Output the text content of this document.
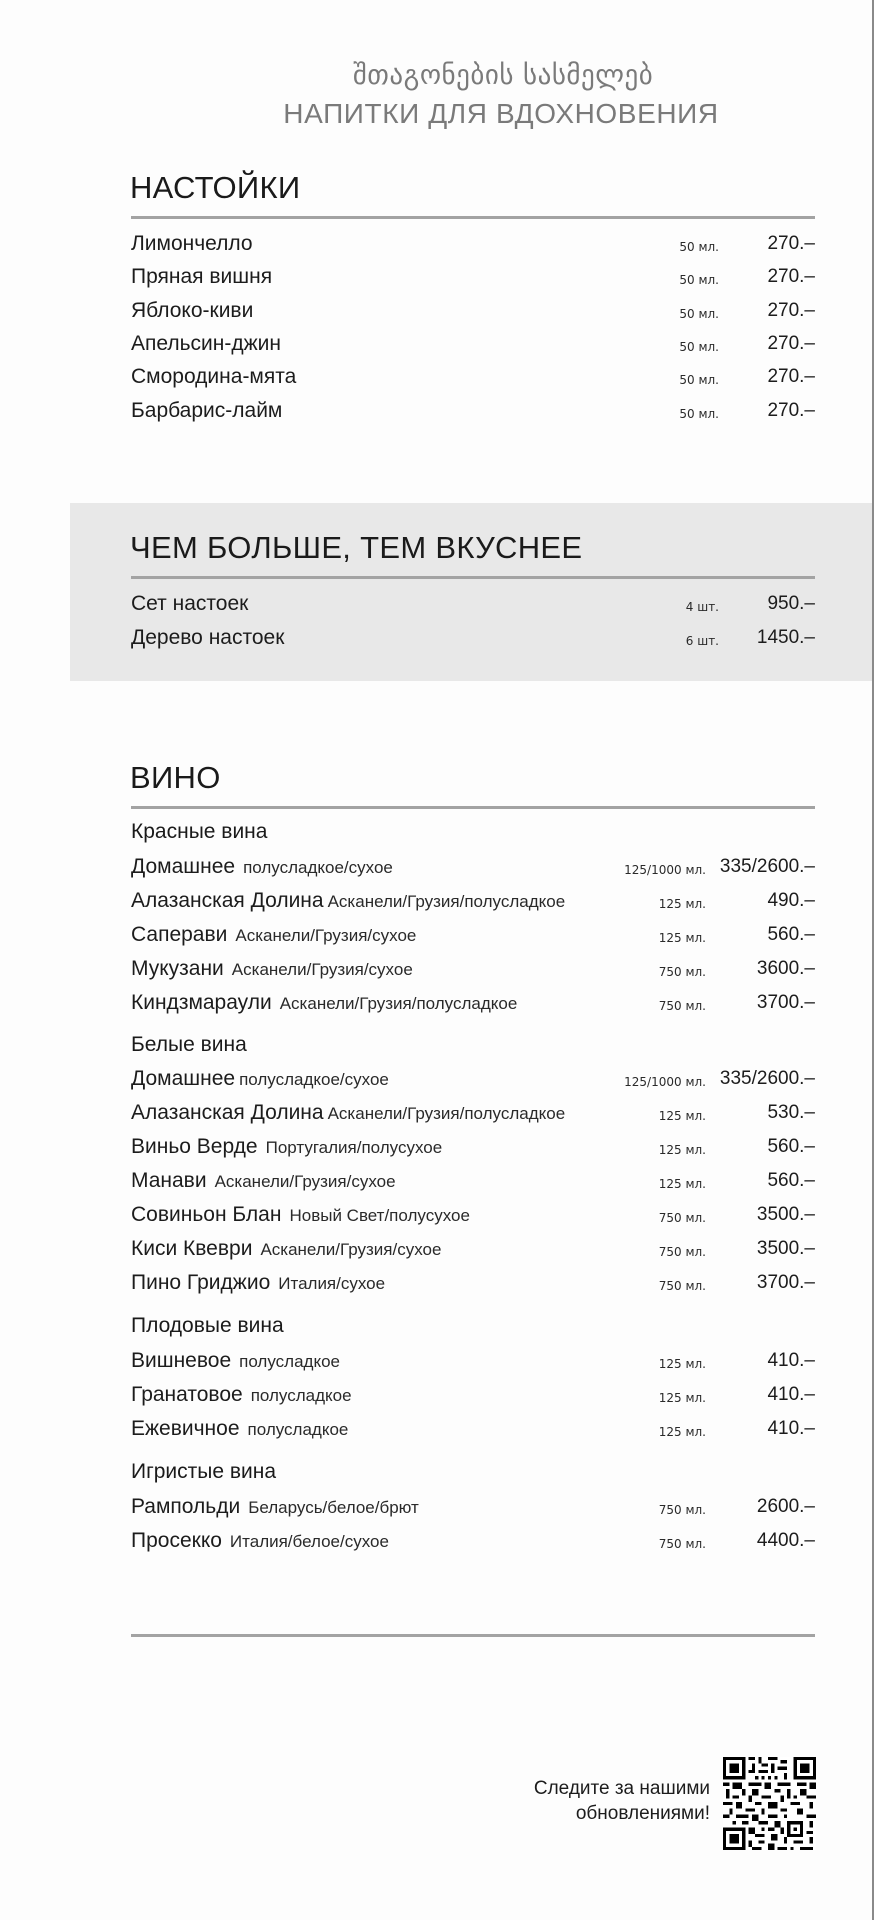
შთაგონების სასმელებ
НАПИТКИ ДЛЯ ВДОХНОВЕНИЯ
НАСТОЙКИ
Лимончелло	50 мл.	270.–
Пряная вишня	50 мл.	270.–
Яблоко-киви	50 мл.	270.–
Апельсин-джин	50 мл.	270.–
Смородина-мята	50 мл.	270.–
Барбарис-лайм	50 мл.	270.–
ЧЕМ БОЛЬШЕ, ТЕМ ВКУСНЕЕ
Сет настоек	4 шт.	950.–
Дерево настоек	6 шт. 1450.–
ВИНО
Красные вина
Домашнее полусладкое/сухое	125/1000 мл. 335/2600.–
Алазанская Долина Асканели/Грузия/полусладкое	125 мл.	490.–
Саперави Асканели/Грузия/сухое	125 мл.	560.–
Мукузани Асканели/Грузия/сухое	750 мл.	3600.–
Киндзмараули Асканели/Грузия/полусладкое	750 мл.	3700.–
Белые вина
Домашнее полусладкое/сухое	125/1000 мл. 335/2600.–
Алазанская Долина Асканели/Грузия/полусладкое	125 мл.	530.–
Виньо Верде Португалия/полусухое	125 мл.	560.–
Манави Асканели/Грузия/сухое	125 мл.	560.–
Совиньон Блан Новый Свет/полусухое	750 мл.	3500.–
Киси Квеври Асканели/Грузия/сухое	750 мл.	3500.–
Пино Гриджио Италия/сухое	750 мл.	3700.–
Плодовые вина
Вишневое полусладкое	125 мл.	410.–
Гранатовое полусладкое	125 мл.	410.–
Ежевичное полусладкое	125 мл.	410.–
Игристые вина
Рампольди Беларусь/белое/брют	750 мл.	2600.–
Просекко Италия/белое/сухое	750 мл.	4400.–
Следите за нашими
обновлениями!
